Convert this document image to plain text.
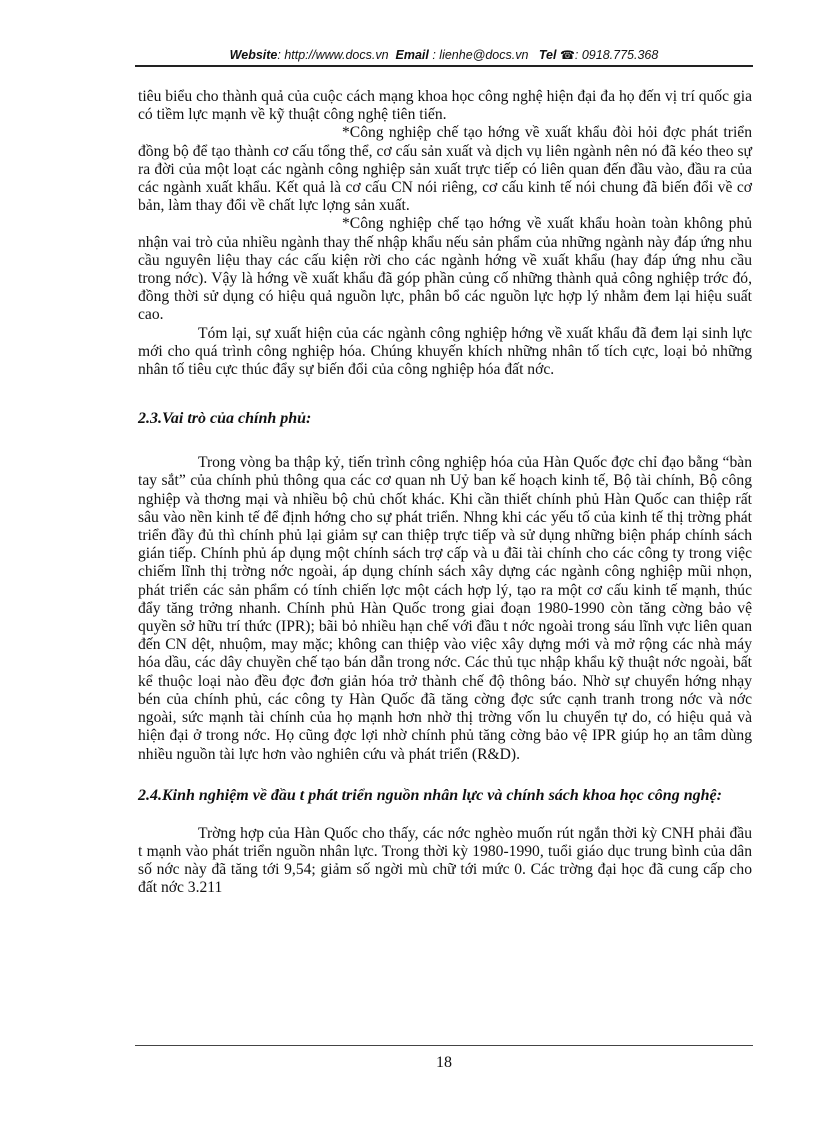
Website: http://www.docs.vn Email : lienhe@docs.vn Tel ☎: 0918.775.368

tiêu biểu cho thành quả của cuộc cách mạng khoa học công nghệ hiện đại đa họ đến vị trí quốc gia có tiềm lực mạnh về kỹ thuật công nghệ tiên tiến.

*Công nghiệp chế tạo hớng về xuất khẩu đòi hỏi đợc phát triển đồng bộ để tạo thành cơ cấu tổng thể, cơ cấu sản xuất và dịch vụ liên ngành nên nó đã kéo theo sự ra đời của một loạt các ngành công nghiệp sản xuất trực tiếp có liên quan đến đầu vào, đầu ra của các ngành xuất khẩu. Kết quả là cơ cấu CN nói riêng, cơ cấu kinh tế nói chung đã biến đổi về cơ bản, làm thay đổi về chất lực lợng sản xuất.

*Công nghiệp chế tạo hớng về xuất khẩu hoàn toàn không phủ nhận vai trò của nhiều ngành thay thế nhập khẩu nếu sản phẩm của những ngành này đáp ứng nhu cầu nguyên liệu thay các cấu kiện rời cho các ngành hớng về xuất khẩu (hay đáp ứng nhu cầu trong nớc). Vậy là hớng về xuất khẩu đã góp phần củng cố những thành quả công nghiệp trớc đó, đồng thời sử dụng có hiệu quả nguồn lực, phân bổ các nguồn lực hợp lý nhằm đem lại hiệu suất cao.

Tóm lại, sự xuất hiện của các ngành công nghiệp hớng về xuất khẩu đã đem lại sinh lực mới cho quá trình công nghiệp hóa. Chúng khuyến khích những nhân tố tích cực, loại bỏ những nhân tố tiêu cực thúc đẩy sự biến đổi của công nghiệp hóa đất nớc.

2.3.Vai trò của chính phủ:

Trong vòng ba thập kỷ, tiến trình công nghiệp hóa của Hàn Quốc đợc chỉ đạo bằng “bàn tay sắt” của chính phủ thông qua các cơ quan nh Uỷ ban kế hoạch kinh tế, Bộ tài chính, Bộ công nghiệp và thơng mại và nhiều bộ chủ chốt khác. Khi cần thiết chính phủ Hàn Quốc can thiệp rất sâu vào nền kinh tế để định hớng cho sự phát triển. Nhng khi các yếu tố của kinh tế thị trờng phát triển đầy đủ thì chính phủ lại giảm sự can thiệp trực tiếp và sử dụng những biện pháp chính sách gián tiếp. Chính phủ áp dụng một chính sách trợ cấp và u đãi tài chính cho các công ty trong việc chiếm lĩnh thị trờng nớc ngoài, áp dụng chính sách xây dựng các ngành công nghiệp mũi nhọn, phát triển các sản phẩm có tính chiến lợc một cách hợp lý, tạo ra một cơ cấu kinh tế mạnh, thúc đẩy tăng trởng nhanh. Chính phủ Hàn Quốc trong giai đoạn 1980-1990 còn tăng cờng bảo vệ quyền sở hữu trí thức (IPR); bãi bỏ nhiều hạn chế với đầu t nớc ngoài trong sáu lĩnh vực liên quan đến CN dệt, nhuộm, may mặc; không can thiệp vào việc xây dựng mới và mở rộng các nhà máy hóa dầu, các dây chuyền chế tạo bán dẫn trong nớc. Các thủ tục nhập khẩu kỹ thuật nớc ngoài, bất kể thuộc loại nào đều đợc đơn giản hóa trở thành chế độ thông báo. Nhờ sự chuyển hớng nhạy bén của chính phủ, các công ty Hàn Quốc đã tăng cờng đợc sức cạnh tranh trong nớc và nớc ngoài, sức mạnh tài chính của họ mạnh hơn nhờ thị trờng vốn lu chuyển tự do, có hiệu quả và hiện đại ở trong nớc. Họ cũng đợc lợi nhờ chính phủ tăng cờng bảo vệ IPR giúp họ an tâm dùng nhiều nguồn tài lực hơn vào nghiên cứu và phát triển (R&D).

2.4.Kinh nghiệm về đầu t phát triển nguồn nhân lực và chính sách khoa học công nghệ:

Trờng hợp của Hàn Quốc cho thấy, các nớc nghèo muốn rút ngắn thời kỳ CNH phải đầu t mạnh vào phát triển nguồn nhân lực. Trong thời kỳ 1980-1990, tuổi giáo dục trung bình của dân số nớc này đã tăng tới 9,54; giảm số ngời mù chữ tới mức 0. Các trờng đại học đã cung cấp cho đất nớc 3.211

18
